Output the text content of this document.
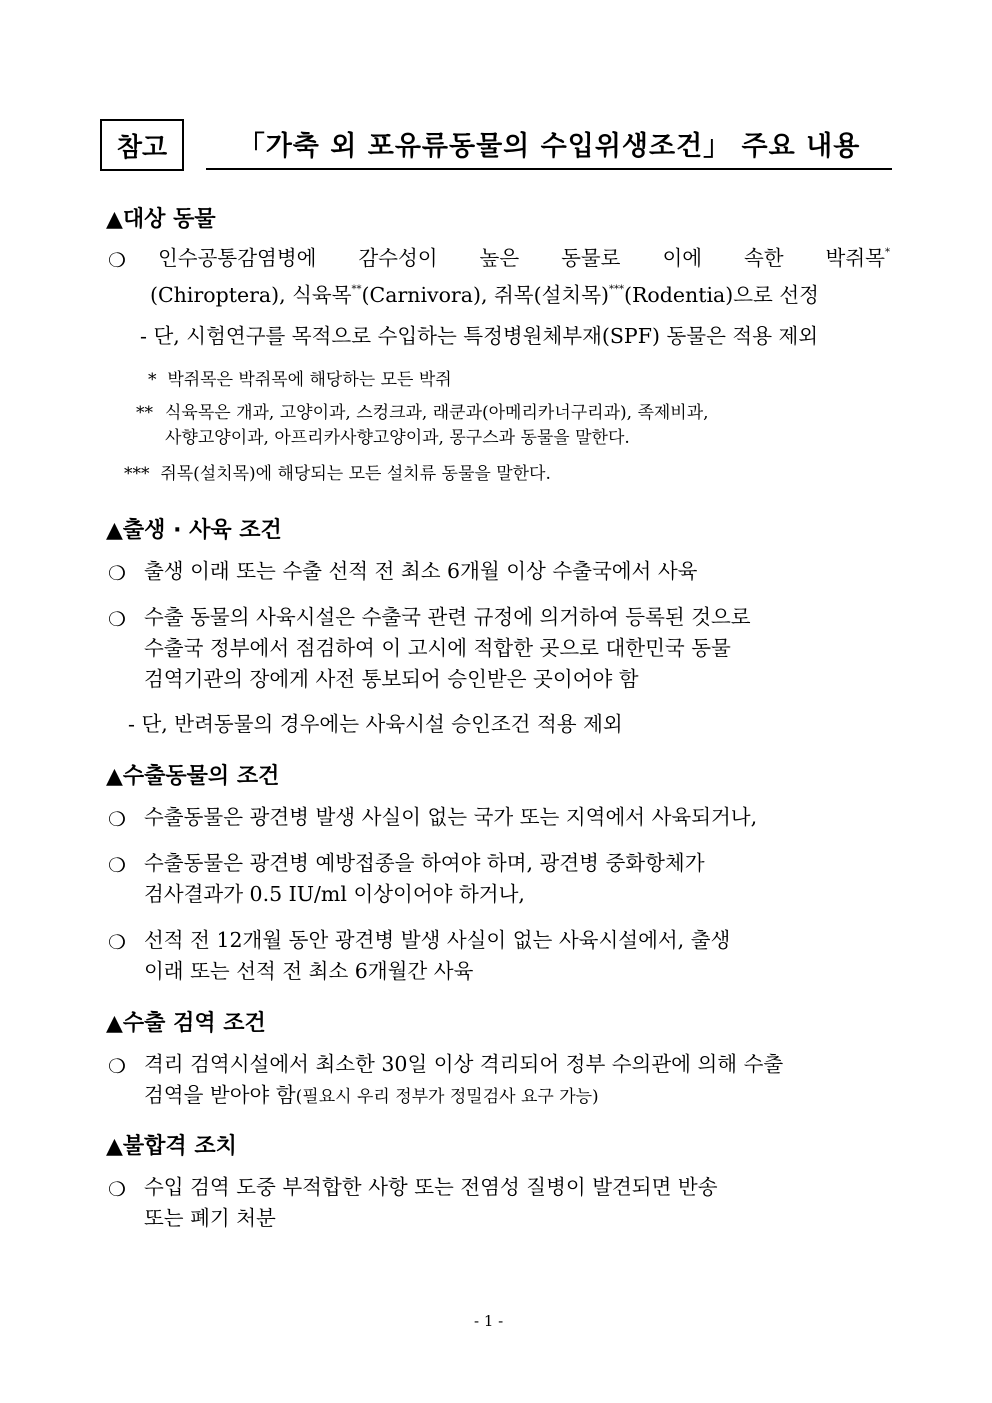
참고	「가축 외 포유류동물의 수입위생조건」 주요 내용
▲대상 동물
❍ 인수공통감염병에 감수성이 높은 동물로 이에 속한 박쥐목*
(Chiroptera), 식육목**(Carnivora), 쥐목(설치목)***(Rodentia)으로 선정
- 단, 시험연구를 목적으로 수입하는 특정병원체부재(SPF) 동물은 적용 제외
* 박쥐목은 박쥐목에 해당하는 모든 박쥐
** 식육목은 개과, 고양이과, 스컹크과, 래쿤과(아메리카너구리과), 족제비과,
사향고양이과, 아프리카사향고양이과, 몽구스과 동물을 말한다.
*** 쥐목(설치목)에 해당되는 모든 설치류 동물을 말한다.
▲출생 · 사육 조건
❍ 출생 이래 또는 수출 선적 전 최소 6개월 이상 수출국에서 사육
❍ 수출 동물의 사육시설은 수출국 관련 규정에 의거하여 등록된 것으로
수출국 정부에서 점검하여 이 고시에 적합한 곳으로 대한민국 동물
검역기관의 장에게 사전 통보되어 승인받은 곳이어야 함
- 단, 반려동물의 경우에는 사육시설 승인조건 적용 제외
▲수출동물의 조건
❍ 수출동물은 광견병 발생 사실이 없는 국가 또는 지역에서 사육되거나,
❍ 수출동물은 광견병 예방접종을 하여야 하며, 광견병 중화항체가
검사결과가 0.5 IU/ml 이상이어야 하거나,
❍ 선적 전 12개월 동안 광견병 발생 사실이 없는 사육시설에서, 출생
이래 또는 선적 전 최소 6개월간 사육
▲수출 검역 조건
❍ 격리 검역시설에서 최소한 30일 이상 격리되어 정부 수의관에 의해 수출
검역을 받아야 함(필요시 우리 정부가 정밀검사 요구 가능)
▲불합격 조치
❍ 수입 검역 도중 부적합한 사항 또는 전염성 질병이 발견되면 반송
또는 폐기 처분
- 1 -
